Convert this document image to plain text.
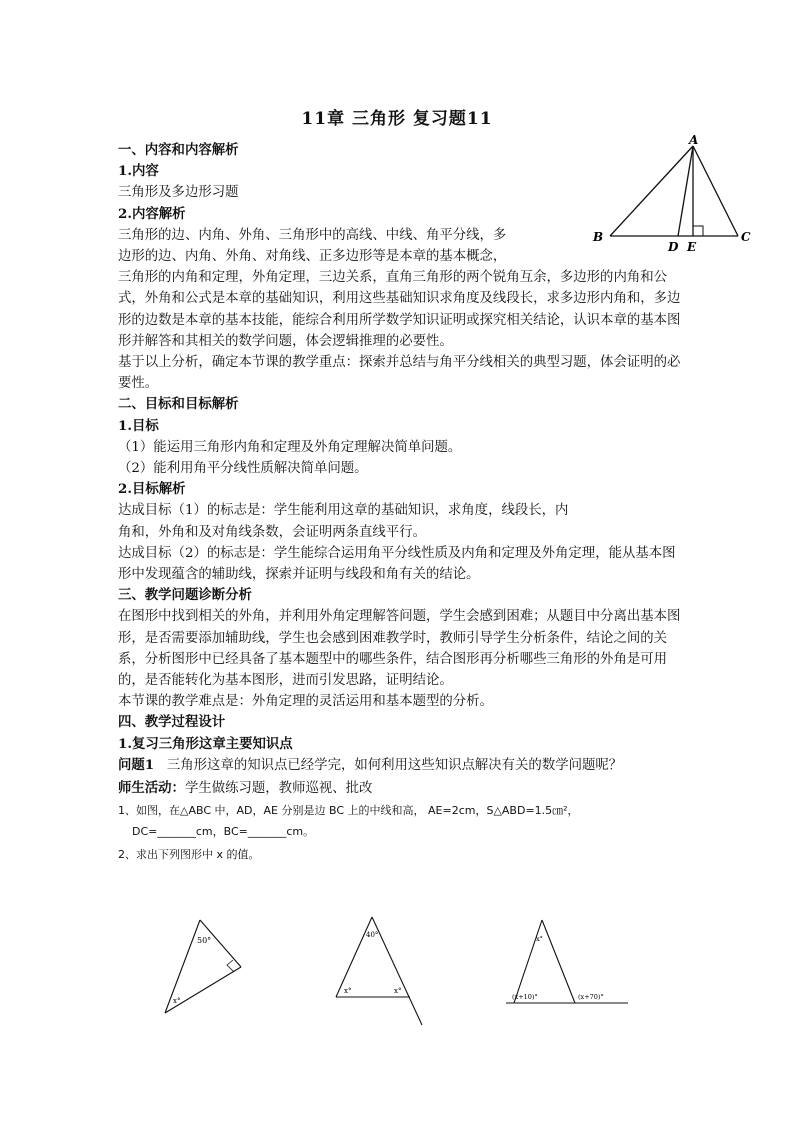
11章 三角形 复习题11
A
B	C
D E

一、内容和内容解析

1.内容

三角形及多边形习题

2.内容解析

三角形的边、内角、外角、三角形中的高线、中线、角平分线，多

边形的边、内角、外角、对角线、正多边形等是本章的基本概念，

三角形的内角和定理，外角定理，三边关系，直角三角形的两个锐角互余，多边形的内角和公式，外角和公式是本章的基础知识，利用这些基础知识求角度及线段长，求多边形内角和，多边形的边数是本章的基本技能，能综合利用所学数学知识证明或探究相关结论，认识本章的基本图形并解答和其相关的数学问题，体会逻辑推理的必要性。

基于以上分析，确定本节课的教学重点：探索并总结与角平分线相关的典型习题，体会证明的必要性。

二、目标和目标解析

1.目标

（1）能运用三角形内角和定理及外角定理解决简单问题。

（2）能利用角平分线性质解决简单问题。

2.目标解析

达成目标（1）的标志是：学生能利用这章的基础知识，求角度，线段长，内角和，外角和及对角线条数，会证明两条直线平行。

达成目标（2）的标志是：学生能综合运用角平分线性质及内角和定理及外角定理，能从基本图形中发现蕴含的辅助线，探索并证明与线段和角有关的结论。

三、教学问题诊断分析

在图形中找到相关的外角，并利用外角定理解答问题，学生会感到困难；从题目中分离出基本图形，是否需要添加辅助线，学生也会感到困难教学时，教师引导学生分析条件，结论之间的关系，分析图形中已经具备了基本题型中的哪些条件，结合图形再分析哪些三角形的外角是可用的，是否能转化为基本图形，进而引发思路，证明结论。

本节课的教学难点是：外角定理的灵活运用和基本题型的分析。

四、教学过程设计

1.复习三角形这章主要知识点

问题1 三角形这章的知识点已经学完，如何利用这些知识点解决有关的数学问题呢？

师生活动：学生做练习题，教师巡视、批改

1、如图，在△ABC 中，AD，AE 分别是边 BC 上的中线和高， AE=2cm，S△ABD=1.5㎝²，

DC=_______cm，BC=_______cm。

2、求出下列图形中 x 的值。

50°
x°
40°
x°	x°
x°
(x+10)°	(x+70)°
